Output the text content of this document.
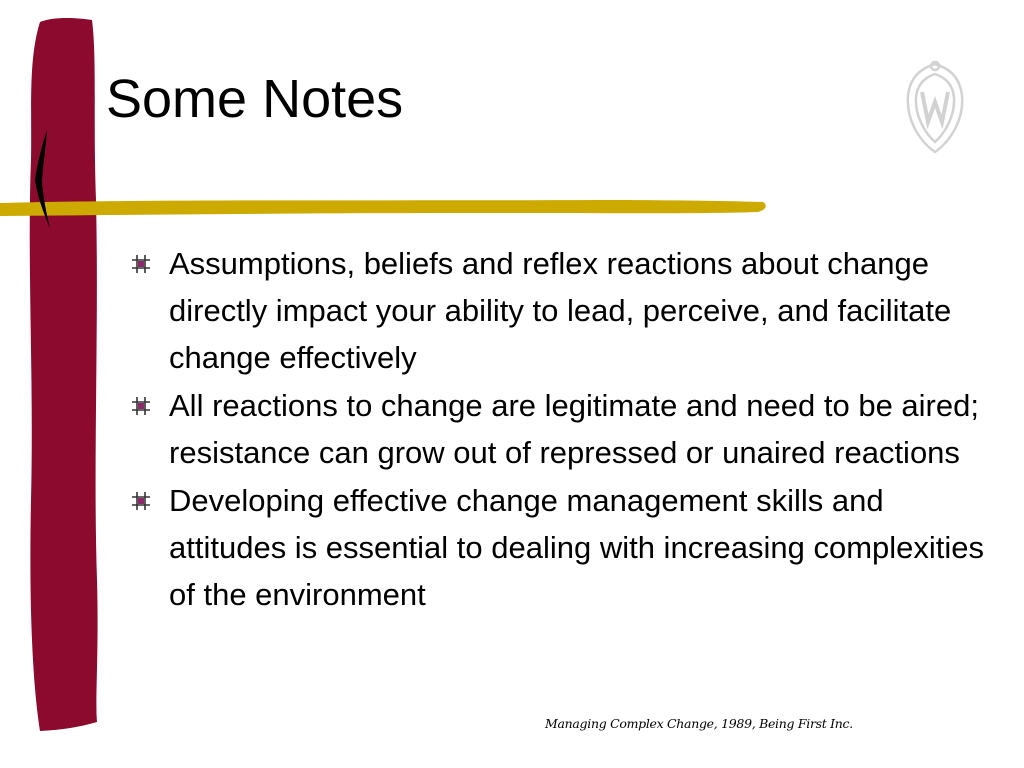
Some Notes
Assumptions, beliefs and reflex reactions about change directly impact your ability to lead, perceive, and facilitate change effectively
All reactions to change are legitimate and need to be aired; resistance can grow out of repressed or unaired reactions
Developing effective change management skills and attitudes is essential to dealing with increasing complexities of the environment
Managing Complex Change, 1989, Being First Inc.
